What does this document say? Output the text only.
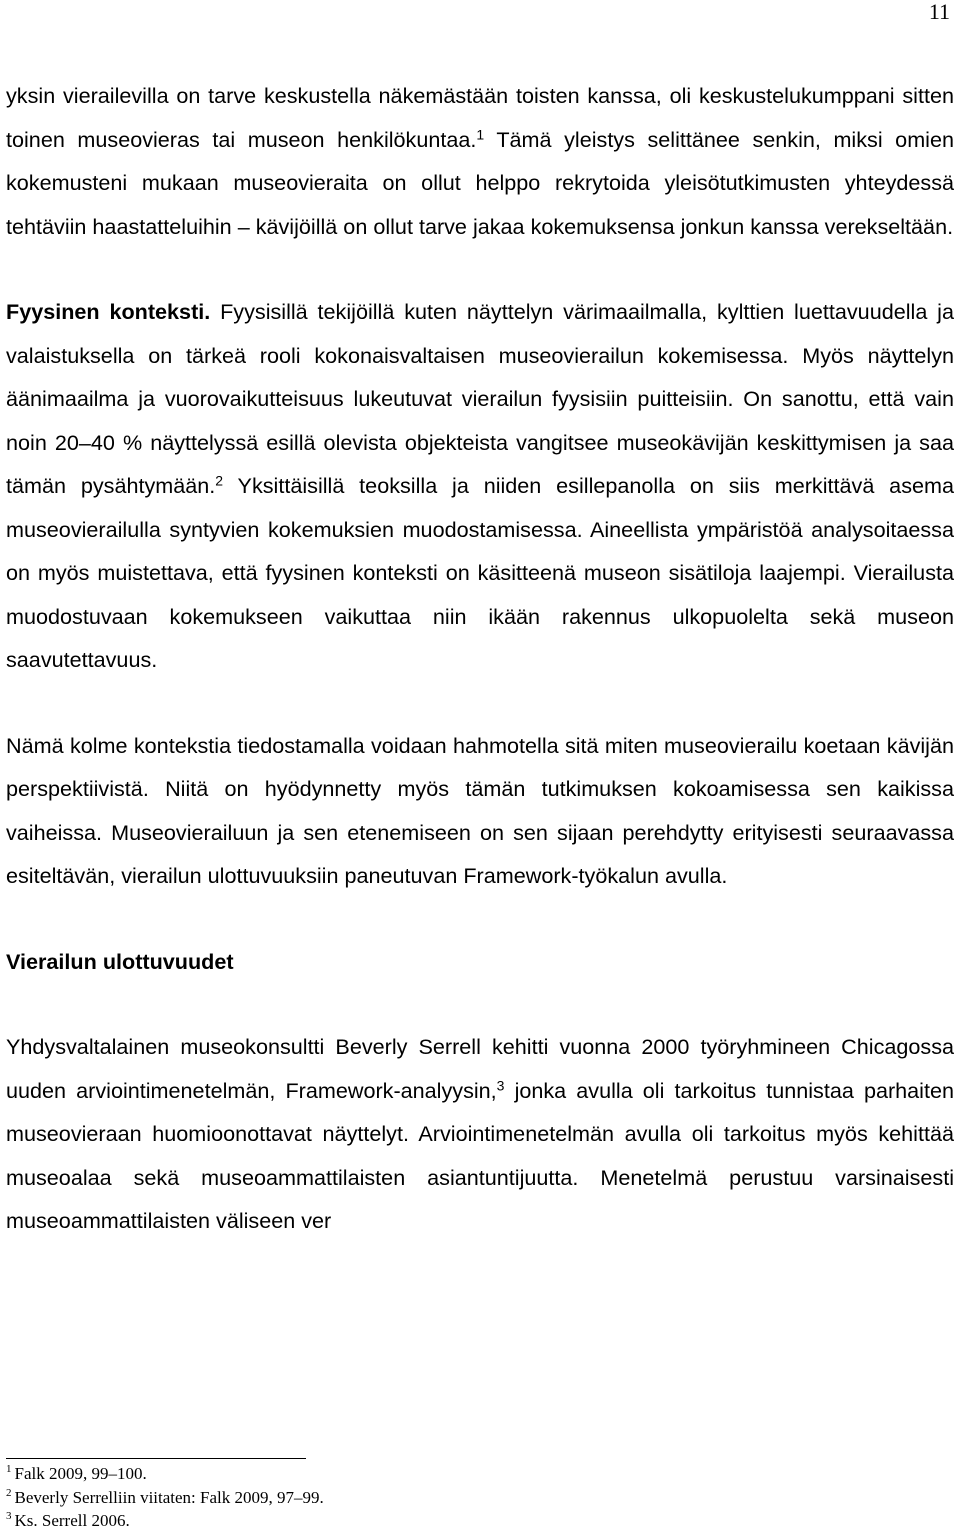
11

yksin vierailevilla on tarve keskustella näkemästään toisten kanssa, oli keskustelukumppani sitten toinen museovieras tai museon henkilökuntaa.$^1$ Tämä yleistys selittänee senkin, miksi omien kokemusteni mukaan museovieraita on ollut helppo rekrytoida yleisötutkimusten yhteydessä tehtäviin haastatteluihin – kävijöillä on ollut tarve jakaa kokemuksensa jonkun kanssa verekseltään.

Fyysinen konteksti. Fyysisillä tekijöillä kuten näyttelyn värimaailmalla, kylttien luettavuudella ja valaistuksella on tärkeä rooli kokonaisvaltaisen museovierailun kokemisessa. Myös näyttelyn äänimaailma ja vuorovaikutteisuus lukeutuvat vierailun fyysisiin puitteisiin. On sanottu, että vain noin 20–40 % näyttelyssä esillä olevista objekteista vangitsee museokävijän keskittymisen ja saa tämän pysähtymään.$^2$ Yksittäisillä teoksilla ja niiden esillepanolla on siis merkittävä asema museovierailulla syntyvien kokemuksien muodostamisessa. Aineellista ympäristöä analysoitaessa on myös muistettava, että fyysinen konteksti on käsitteenä museon sisätiloja laajempi. Vierailusta muodostuvaan kokemukseen vaikuttaa niin ikään rakennus ulkopuolelta sekä museon saavutettavuus.

Nämä kolme kontekstia tiedostamalla voidaan hahmotella sitä miten museovierailu koetaan kävijän perspektiivistä. Niitä on hyödynnetty myös tämän tutkimuksen kokoamisessa sen kaikissa vaiheissa. Museovierailuun ja sen etenemiseen on sen sijaan perehdytty erityisesti seuraavassa esiteltävän, vierailun ulottuvuuksiin paneutuvan Framework-työkalun avulla.

Vierailun ulottuvuudet

Yhdysvaltalainen museokonsultti Beverly Serrell kehitti vuonna 2000 työryhmineen Chicagossa uuden arviointimenetelmän, Framework-analyysin,$^3$ jonka avulla oli tarkoitus tunnistaa parhaiten museovieraan huomioonottavat näyttelyt. Arviointimenetelmän avulla oli tarkoitus myös kehittää museoalaa sekä museoammattilaisten asiantuntijuutta. Menetelmä perustuu varsinaisesti museoammattilaisten väliseen ver

$^1$ Falk 2009, 99–100.

$^2$ Beverly Serrelliin viitaten: Falk 2009, 97–99.

$^3$ Ks. Serrell 2006.
